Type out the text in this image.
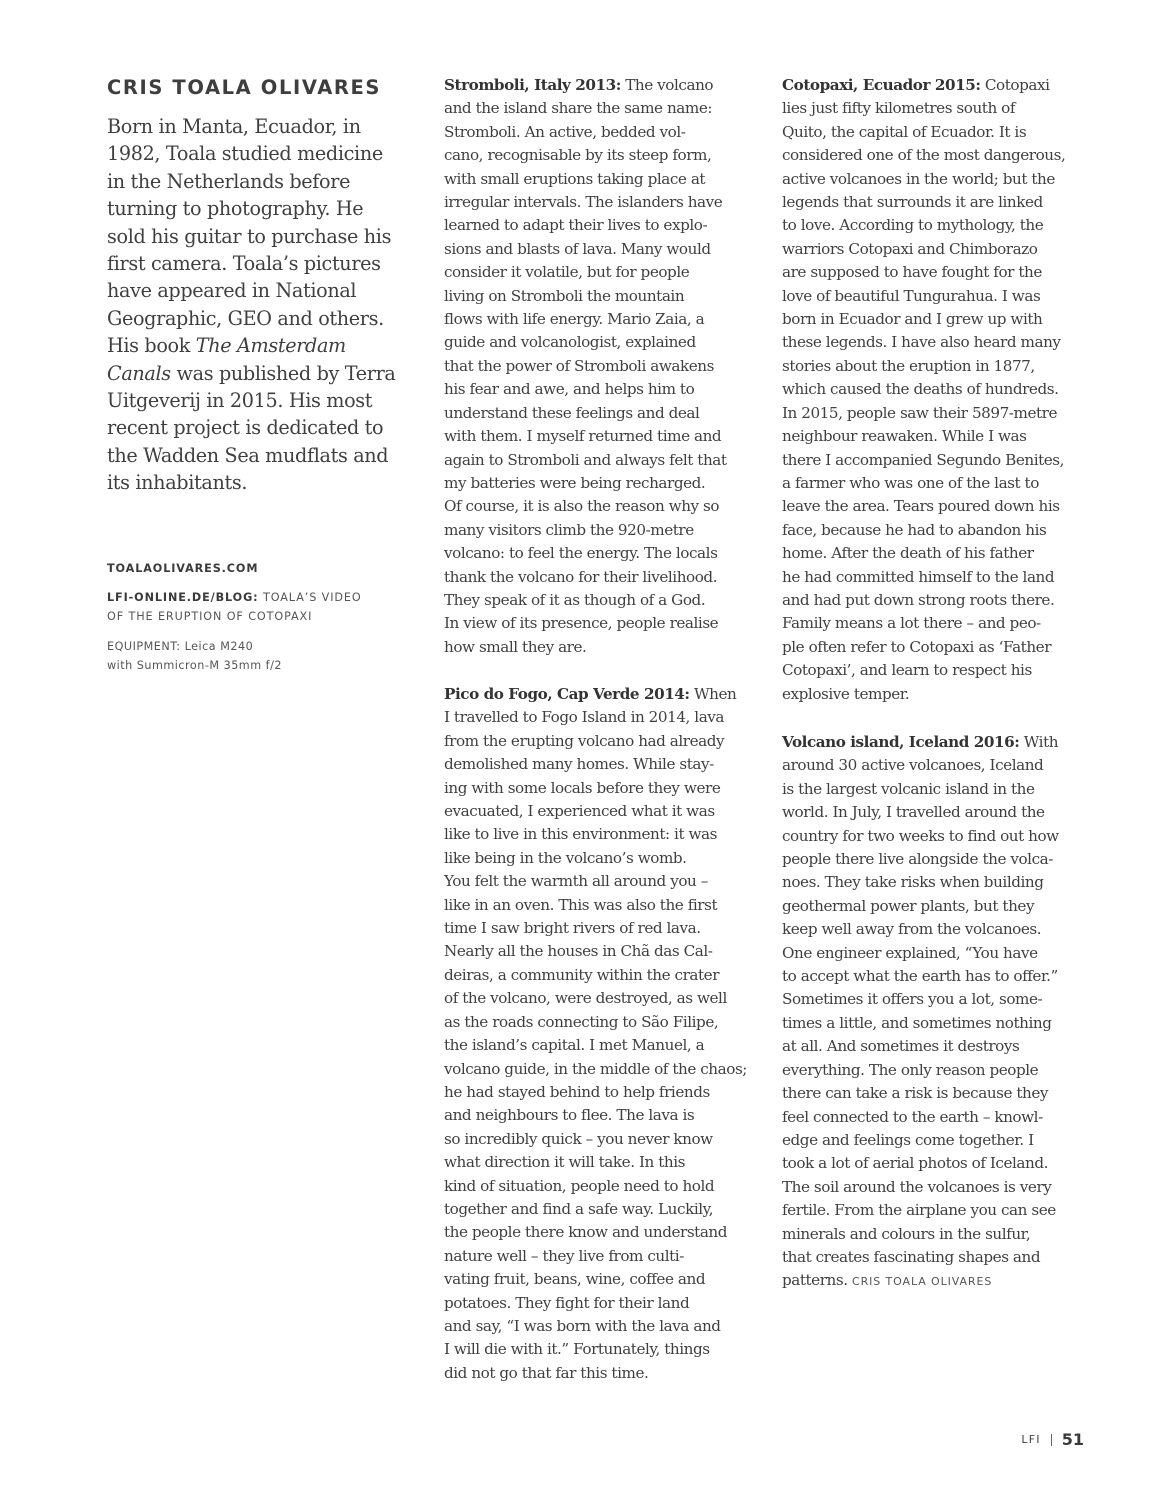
CRIS TOALA OLIVARES
Born in Manta, Ecuador, in
1982, Toala studied medicine
in the Netherlands before
turning to photography. He
sold his guitar to purchase his
first camera. Toala’s pictures
have appeared in National
Geographic, GEO and others.
His book The Amsterdam
Canals was published by Terra
Uitgeverij in 2015. His most
recent project is dedicated to
the Wadden Sea mudflats and
its inhabitants.
TOALAOLIVARES.COM
LFI-ONLINE.DE/BLOG: TOALA’S VIDEO
OF THE ERUPTION OF COTOPAXI
EQUIPMENT: Leica M240
with Summicron-M 35mm f/2
Stromboli, Italy 2013: The volcano
and the island share the same name:
Stromboli. An active, bedded vol-
cano, recognisable by its steep form,
with small eruptions taking place at
irregular intervals. The islanders have
learned to adapt their lives to explo-
sions and blasts of lava. Many would
consider it volatile, but for people
living on Stromboli the mountain
flows with life energy. Mario Zaia, a
guide and volcanologist, explained
that the power of Stromboli awakens
his fear and awe, and helps him to
understand these feelings and deal
with them. I myself returned time and
again to Stromboli and always felt that
my batteries were being recharged.
Of course, it is also the reason why so
many visitors climb the 920-metre
volcano: to feel the energy. The locals
thank the volcano for their livelihood.
They speak of it as though of a God.
In view of its presence, people realise
how small they are.
Pico do Fogo, Cap Verde 2014: When
I travelled to Fogo Island in 2014, lava
from the erupting volcano had already
demolished many homes. While stay-
ing with some locals before they were
evacuated, I experienced what it was
like to live in this environment: it was
like being in the volcano’s womb.
You felt the warmth all around you –
like in an oven. This was also the first
time I saw bright rivers of red lava.
Nearly all the houses in Chã das Cal-
deiras, a community within the crater
of the volcano, were destroyed, as well
as the roads connecting to São Filipe,
the island’s capital. I met Manuel, a
volcano guide, in the middle of the chaos;
he had stayed behind to help friends
and neighbours to flee. The lava is
so incredibly quick – you never know
what direction it will take. In this
kind of situation, people need to hold
together and find a safe way. Luckily,
the people there know and understand
nature well – they live from culti-
vating fruit, beans, wine, coffee and
potatoes. They fight for their land
and say, “I was born with the lava and
I will die with it.” Fortunately, things
did not go that far this time.
Cotopaxi, Ecuador 2015: Cotopaxi
lies just fifty kilometres south of
Quito, the capital of Ecuador. It is
considered one of the most dangerous,
active volcanoes in the world; but the
legends that surrounds it are linked
to love. According to mythology, the
warriors Cotopaxi and Chimborazo
are supposed to have fought for the
love of beautiful Tungurahua. I was
born in Ecuador and I grew up with
these legends. I have also heard many
stories about the eruption in 1877,
which caused the deaths of hundreds.
In 2015, people saw their 5897-metre
neighbour reawaken. While I was
there I accompanied Segundo Benites,
a farmer who was one of the last to
leave the area. Tears poured down his
face, because he had to abandon his
home. After the death of his father
he had committed himself to the land
and had put down strong roots there.
Family means a lot there – and peo-
ple often refer to Cotopaxi as ‘Father
Cotopaxi’, and learn to respect his
explosive temper.
Volcano island, Iceland 2016: With
around 30 active volcanoes, Iceland
is the largest volcanic island in the
world. In July, I travelled around the
country for two weeks to find out how
people there live alongside the volca-
noes. They take risks when building
geothermal power plants, but they
keep well away from the volcanoes.
One engineer explained, “You have
to accept what the earth has to offer.”
Sometimes it offers you a lot, some-
times a little, and sometimes nothing
at all. And sometimes it destroys
everything. The only reason people
there can take a risk is because they
feel connected to the earth – knowl-
edge and feelings come together. I
took a lot of aerial photos of Iceland.
The soil around the volcanoes is very
fertile. From the airplane you can see
minerals and colours in the sulfur,
that creates fascinating shapes and
patterns. CRIS TOALA OLIVARES
LFI 51
